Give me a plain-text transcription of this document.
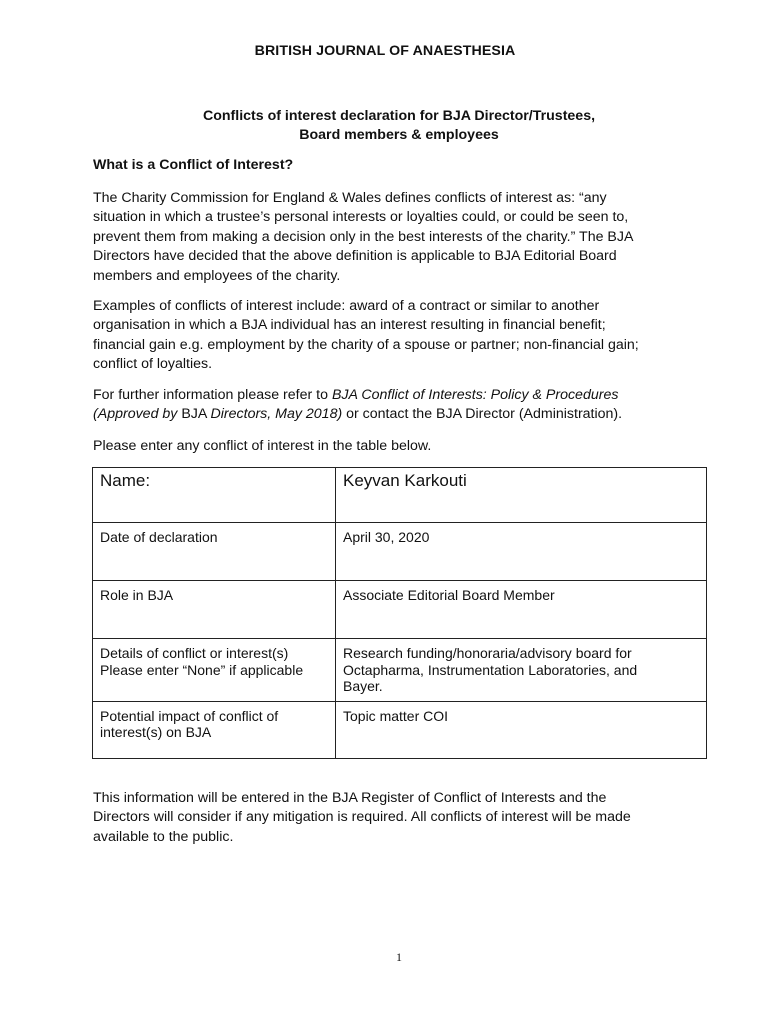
BRITISH JOURNAL OF ANAESTHESIA
Conflicts of interest declaration for BJA Director/Trustees,
Board members & employees
What is a Conflict of Interest?
The Charity Commission for England & Wales defines conflicts of interest as: “any
situation in which a trustee’s personal interests or loyalties could, or could be seen to,
prevent them from making a decision only in the best interests of the charity.” The BJA
Directors have decided that the above definition is applicable to BJA Editorial Board
members and employees of the charity.
Examples of conflicts of interest include: award of a contract or similar to another
organisation in which a BJA individual has an interest resulting in financial benefit;
financial gain e.g. employment by the charity of a spouse or partner; non-financial gain;
conflict of loyalties.
For further information please refer to BJA Conflict of Interests: Policy & Procedures
(Approved by BJA Directors, May 2018) or contact the BJA Director (Administration).
Please enter any conflict of interest in the table below.
Name:	Keyvan Karkouti
Date of declaration	April 30, 2020
Role in BJA	Associate Editorial Board Member

Details of conflict or interest(s)
Please enter “None” if applicable	Research funding/honoraria/advisory board for
Octapharma, Instrumentation Laboratories, and
Bayer.

Potential impact of conflict of
interest(s) on BJA	Topic matter COI
This information will be entered in the BJA Register of Conflict of Interests and the
Directors will consider if any mitigation is required. All conflicts of interest will be made
available to the public.
1
